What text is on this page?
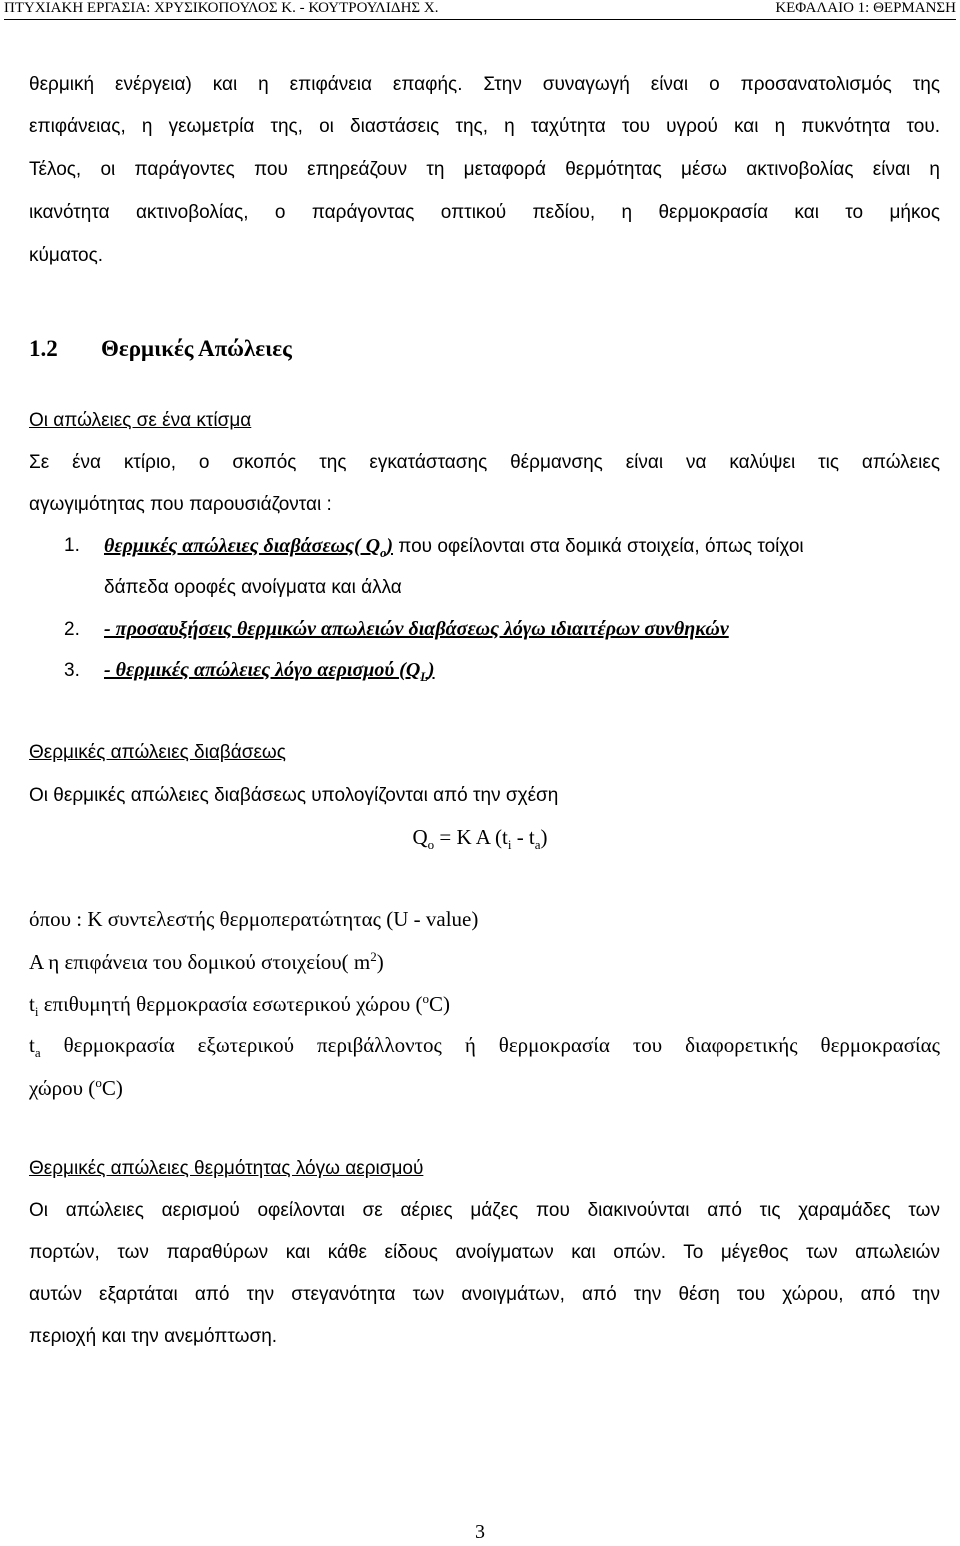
ΠΤΥΧΙΑΚΗ ΕΡΓΑΣΙΑ: ΧΡΥΣΙΚΟΠΟΥΛΟΣ Κ. - ΚΟΥΤΡΟΥΛΙΔΗΣ Χ.	ΚΕΦΑΛΑΙΟ 1: ΘΕΡΜΑΝΣΗ
θερμική ενέργεια) και η επιφάνεια επαφής. Στην συναγωγή είναι ο προσανατολισμός της
επιφάνειας, η γεωμετρία της, οι διαστάσεις της, η ταχύτητα του υγρού και η πυκνότητα του.
Τέλος, οι παράγοντες που επηρεάζουν τη μεταφορά θερμότητας μέσω ακτινοβολίας είναι η
ικανότητα ακτινοβολίας, ο παράγοντας οπτικού πεδίου, η θερμοκρασία και το μήκος
κύματος.
1.2 Θερμικές Απώλειες
Οι απώλειες σε ένα κτίσμα
Σε ένα κτίριο, ο σκοπός της εγκατάστασης θέρμανσης είναι να καλύψει τις απώλειες
αγωγιμότητας που παρουσιάζονται :
1. θερμικές απώλειες διαβάσεως( $Q_o$) που οφείλονται στα δομικά στοιχεία, όπως τοίχοι
δάπεδα οροφές ανοίγματα και άλλα
2. - προσαυξήσεις θερμικών απωλειών διαβάσεως λόγω ιδιαιτέρων συνθηκών
3. - θερμικές απώλειες λόγο αερισμού $(Q_L)$
Θερμικές απώλειες διαβάσεως
Οι θερμικές απώλειες διαβάσεως υπολογίζονται από την σχέση
$Q_o = K$ A $(t_i - t_a)$
όπου : K συντελεστής θερμοπερατώτητας (U - value)
A η επιφάνεια του δομικού στοιχείου( $m^2$)
$t_i$ επιθυμητή θερμοκρασία εσωτερικού χώρου ($^o$C)
$t_a$ θερμοκρασία εξωτερικού περιβάλλοντος ή θερμοκρασία του διαφορετικής θερμοκρασίας
χώρου ($^o$C)
Θερμικές απώλειες θερμότητας λόγω αερισμού
Οι απώλειες αερισμού οφείλονται σε αέριες μάζες που διακινούνται από τις χαραμάδες των
πορτών, των παραθύρων και κάθε είδους ανοίγματων και οπών. Το μέγεθος των απωλειών
αυτών εξαρτάται από την στεγανότητα των ανοιγμάτων, από την θέση του χώρου, από την
περιοχή και την ανεμόπτωση.
3
